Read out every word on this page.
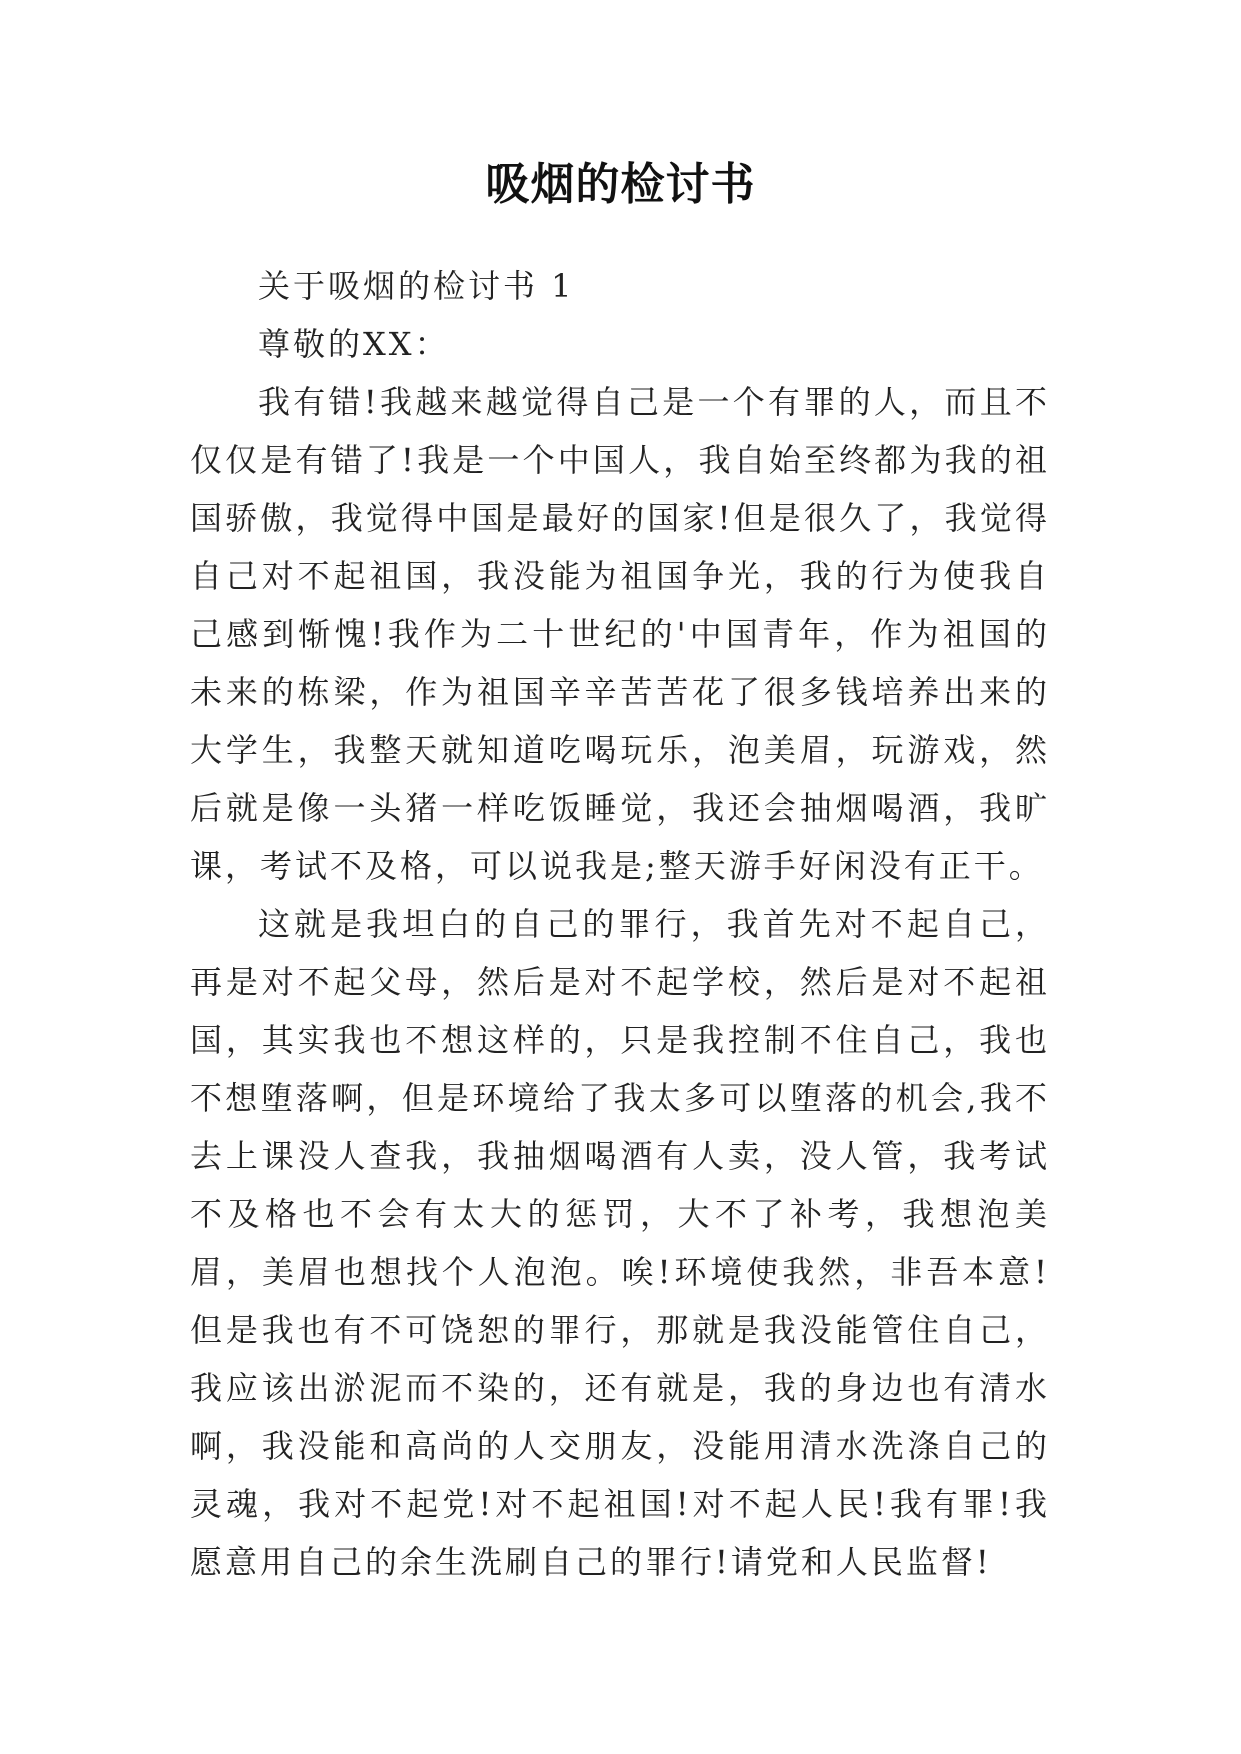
吸烟的检讨书

关于吸烟的检讨书 1

尊敬的XX：

我有错!我越来越觉得自己是一个有罪的人，而且不仅仅是有错了!我是一个中国人，我自始至终都为我的祖国骄傲，我觉得中国是最好的国家!但是很久了，我觉得自己对不起祖国，我没能为祖国争光，我的行为使我自己感到惭愧!我作为二十世纪的'中国青年，作为祖国的未来的栋梁，作为祖国辛辛苦苦花了很多钱培养出来的大学生，我整天就知道吃喝玩乐，泡美眉，玩游戏，然后就是像一头猪一样吃饭睡觉，我还会抽烟喝酒，我旷课，考试不及格，可以说我是;整天游手好闲没有正干。

这就是我坦白的自己的罪行，我首先对不起自己，再是对不起父母，然后是对不起学校，然后是对不起祖国，其实我也不想这样的，只是我控制不住自己，我也不想堕落啊，但是环境给了我太多可以堕落的机会,我不去上课没人查我，我抽烟喝酒有人卖，没人管，我考试不及格也不会有太大的惩罚，大不了补考，我想泡美眉，美眉也想找个人泡泡。唉!环境使我然，非吾本意!但是我也有不可饶恕的罪行，那就是我没能管住自己，我应该出淤泥而不染的，还有就是，我的身边也有清水啊，我没能和高尚的人交朋友，没能用清水洗涤自己的灵魂，我对不起党!对不起祖国!对不起人民!我有罪!我愿意用自己的余生洗刷自己的罪行!请党和人民监督!
